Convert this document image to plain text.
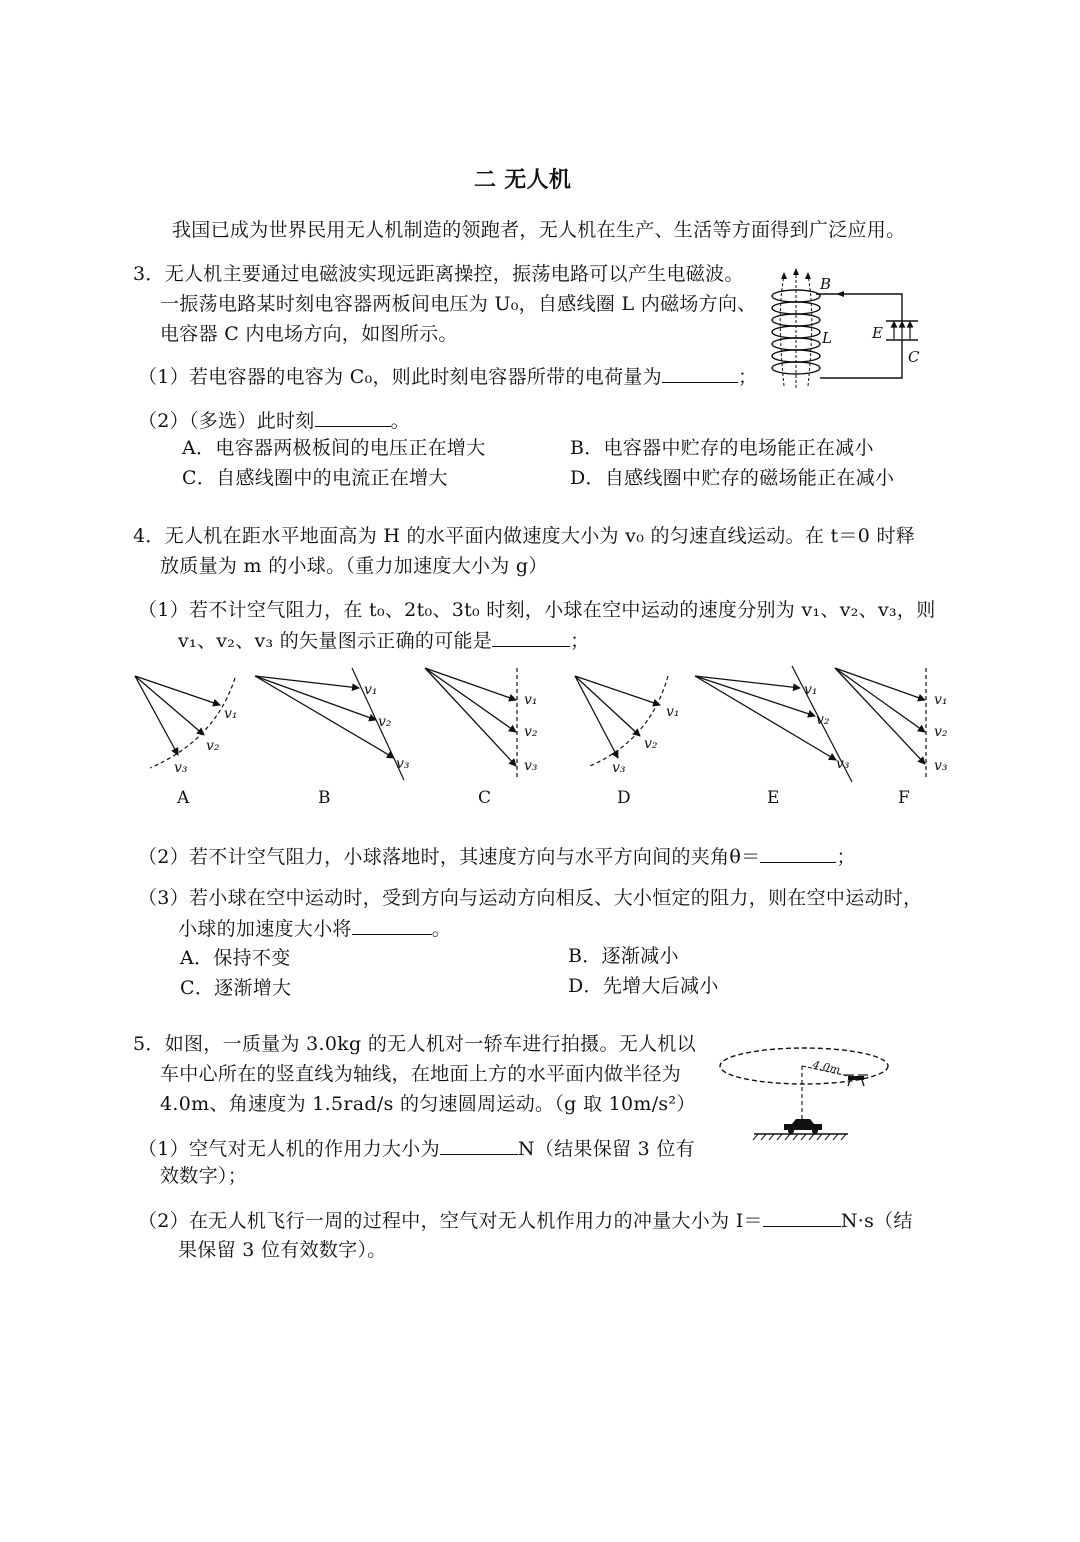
二 无人机
我国已成为世界民用无人机制造的领跑者，无人机在生产、生活等方面得到广泛应用。
3．无人机主要通过电磁波实现远距离操控，振荡电路可以产生电磁波。
一振荡电路某时刻电容器两板间电压为 U₀，自感线圈 L 内磁场方向、
电容器 C 内电场方向，如图所示。
（1）若电容器的电容为 C₀，则此时刻电容器所带的电荷量为	；
（2）（多选）此时刻	。
A．电容器两极板间的电压正在增大	B．电容器中贮存的电场能正在减小
C．自感线圈中的电流正在增大	D．自感线圈中贮存的磁场能正在减小
B
L	E
C
4．无人机在距水平地面高为 H 的水平面内做速度大小为 v₀ 的匀速直线运动。在 t＝0 时释
放质量为 m 的小球。（重力加速度大小为 g）
（1）若不计空气阻力，在 t₀、2t₀、3t₀ 时刻，小球在空中运动的速度分别为 v₁、v₂、v₃，则
v₁、v₂、v₃ 的矢量图示正确的可能是	；
v₁
v₂
v₃
v₁
v₂
v₃
v₁
v₂
v₃
v₁
v₂
v₃
v₁
v₂
v₃
v₁
v₂
v₃
A	B	C	D	E	F
（2）若不计空气阻力，小球落地时，其速度方向与水平方向间的夹角θ＝	；
（3）若小球在空中运动时，受到方向与运动方向相反、大小恒定的阻力，则在空中运动时，
小球的加速度大小将	。
A．保持不变	B．逐渐减小
C．逐渐增大	D．先增大后减小
5．如图，一质量为 3.0kg 的无人机对一轿车进行拍摄。无人机以
车中心所在的竖直线为轴线，在地面上方的水平面内做半径为
4.0m、角速度为 1.5rad/s 的匀速圆周运动。（g 取 10m/s²）
（1）空气对无人机的作用力大小为	N（结果保留 3 位有
效数字）；
（2）在无人机飞行一周的过程中，空气对无人机作用力的冲量大小为 I＝	N·s（结
果保留 3 位有效数字）。
4.0m
